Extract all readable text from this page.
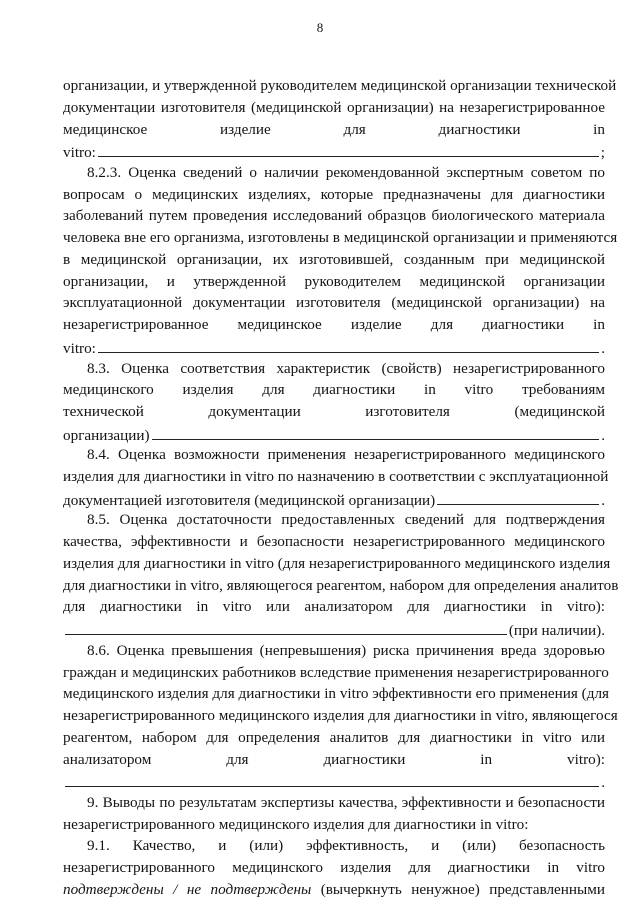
8
организации, и утвержденной руководителем медицинской организации технической
документации изготовителя (медицинской организации) на незарегистрированное
медицинское изделие для диагностики in
vitro:	;
8.2.3. Оценка сведений о наличии рекомендованной экспертным советом по
вопросам о медицинских изделиях, которые предназначены для диагностики
заболеваний путем проведения исследований образцов биологического материала
человека вне его организма, изготовлены в медицинской организации и применяются
в медицинской организации, их изготовившей, созданным при медицинской
организации, и утвержденной руководителем медицинской организации
эксплуатационной документации изготовителя (медицинской организации) на
незарегистрированное медицинское изделие для диагностики in
vitro:	.
8.3. Оценка соответствия характеристик (свойств) незарегистрированного
медицинского изделия для диагностики in vitro требованиям
технической документации изготовителя (медицинской
организации)	.
8.4. Оценка возможности применения незарегистрированного медицинского
изделия для диагностики in vitro по назначению в соответствии с эксплуатационной
документацией изготовителя (медицинской организации)	.
8.5. Оценка достаточности предоставленных сведений для подтверждения
качества, эффективности и безопасности незарегистрированного медицинского
изделия для диагностики in vitro (для незарегистрированного медицинского изделия
для диагностики in vitro, являющегося реагентом, набором для определения аналитов
для диагностики in vitro или анализатором для диагностики in vitro):
(при наличии).
8.6. Оценка превышения (непревышения) риска причинения вреда здоровью
граждан и медицинских работников вследствие применения незарегистрированного
медицинского изделия для диагностики in vitro эффективности его применения (для
незарегистрированного медицинского изделия для диагностики in vitro, являющегося
реагентом, набором для определения аналитов для диагностики in vitro или
анализатором для диагностики in vitro):
.
9. Выводы по результатам экспертизы качества, эффективности и безопасности
незарегистрированного медицинского изделия для диагностики in vitro:
9.1. Качество, и (или) эффективность, и (или) безопасность
незарегистрированного медицинского изделия для диагностики in vitro
подтверждены / не подтверждены (вычеркнуть ненужное) представленными
